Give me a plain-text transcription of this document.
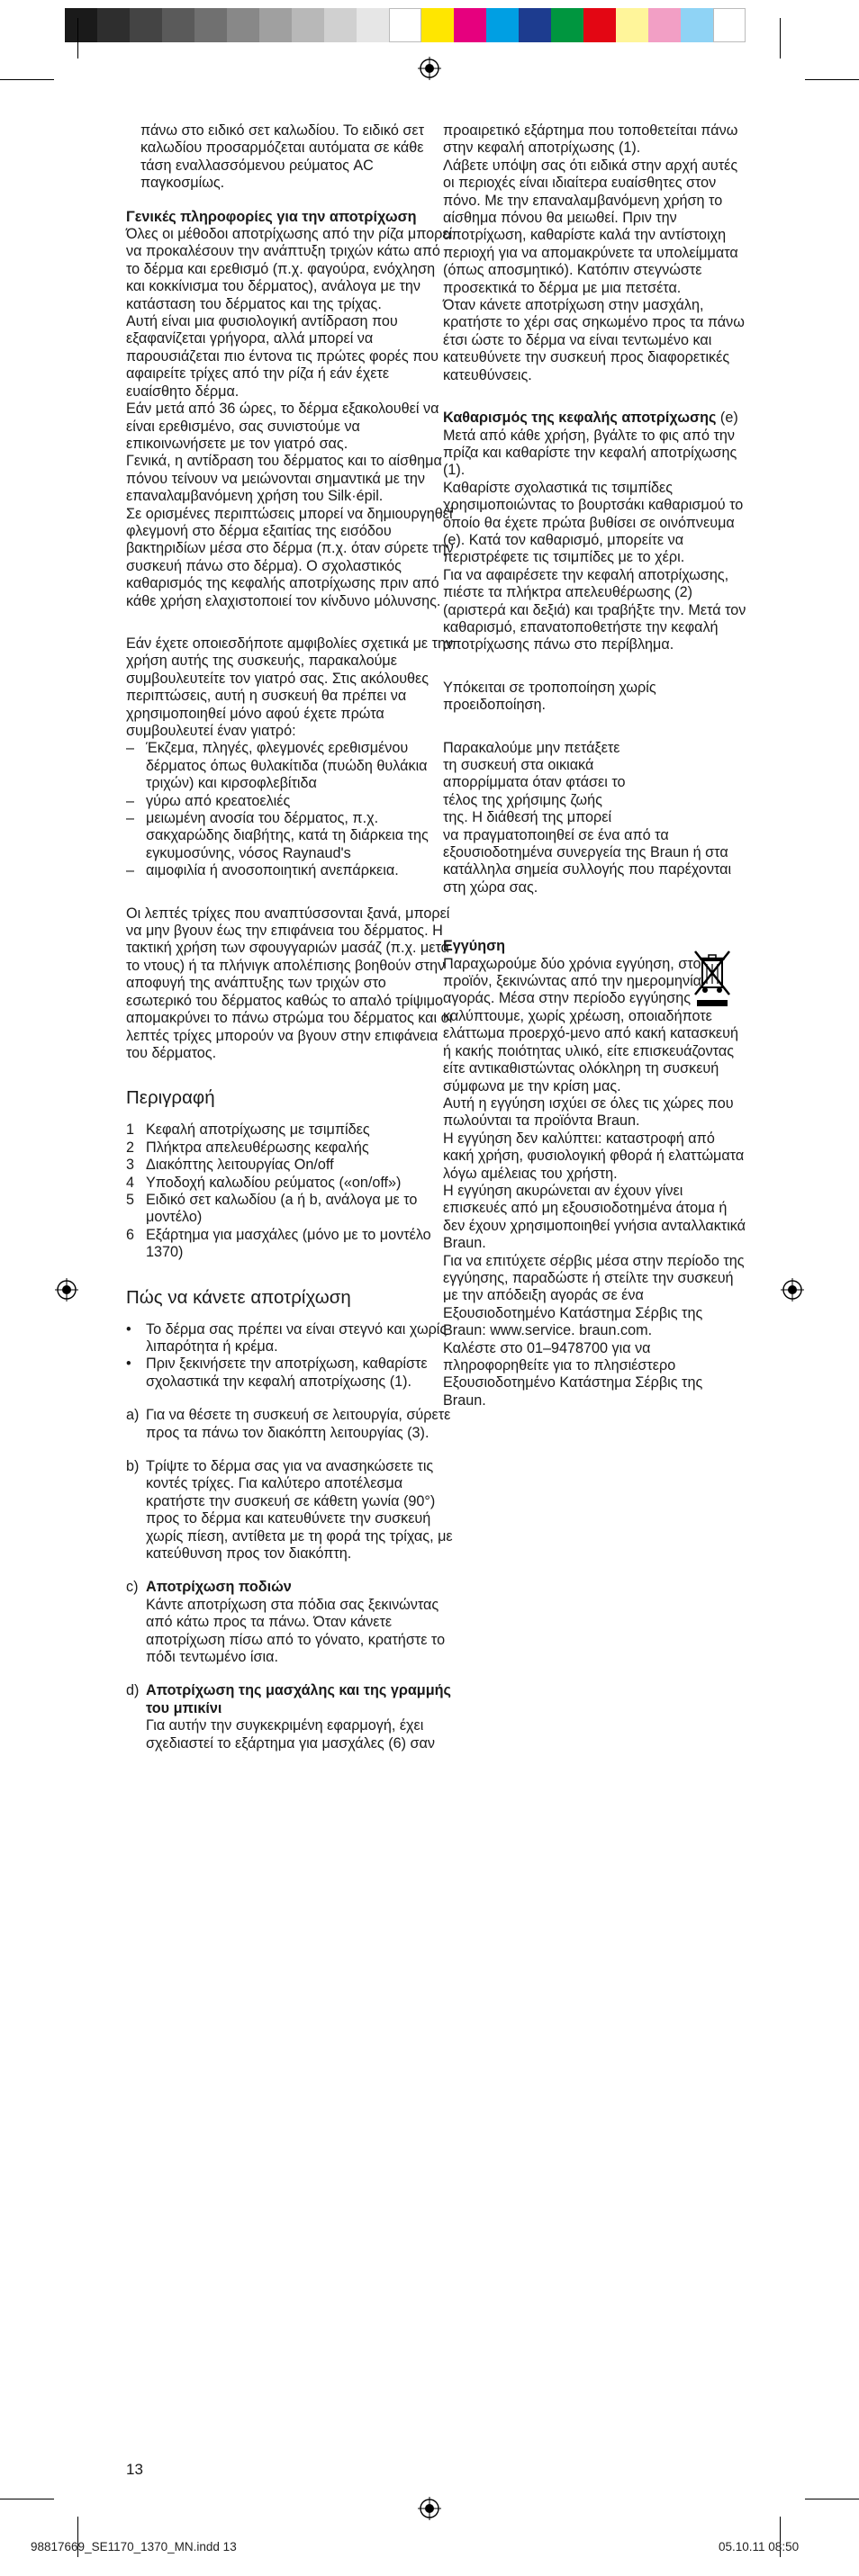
πάνω στο ειδικό σετ καλωδίου. Το ειδικό σετ καλωδίου προσαρμόζεται αυτόματα σε κάθε τάση εναλλασσόμενου ρεύματος AC παγκοσμίως.

Γενικές πληροφορίες για την αποτρίχωση

Όλες οι μέθοδοι αποτρίχωσης από την ρίζα μπορεί να προκαλέσουν την ανάπτυξη τριχών κάτω από το δέρμα και ερεθισμό (π.χ. φαγούρα, ενόχληση και κοκκίνισμα του δέρματος), ανάλογα με την κατάσταση του δέρματος και της τρίχας.

Αυτή είναι μια φυσιολογική αντίδραση που εξαφανίζεται γρήγορα, αλλά μπορεί να παρουσιάζεται πιο έντονα τις πρώτες φορές που αφαιρείτε τρίχες από την ρίζα ή εάν έχετε ευαίσθητο δέρμα.

Εάν μετά από 36 ώρες, το δέρμα εξακολουθεί να είναι ερεθισμένο, σας συνιστούμε να επικοινωνήσετε με τον γιατρό σας.

Γενικά, η αντίδραση του δέρματος και το αίσθημα πόνου τείνουν να μειώνονται σημαντικά με την επαναλαμβανόμενη χρήση του Silk·épil.

Σε ορισμένες περιπτώσεις μπορεί να δημιουργηθεί φλεγμονή στο δέρμα εξαιτίας της εισόδου βακτηριδίων μέσα στο δέρμα (π.χ. όταν σύρετε την συσκευή πάνω στο δέρμα). Ο σχολαστικός καθαρισμός της κεφαλής αποτρίχωσης πριν από κάθε χρήση ελαχιστοποιεί τον κίνδυνο μόλυνσης.

Εάν έχετε οποιεσδήποτε αμφιβολίες σχετικά με την χρήση αυτής της συσκευής, παρακαλούμε συμβουλευτείτε τον γιατρό σας. Στις ακόλουθες περιπτώσεις, αυτή η συσκευή θα πρέπει να χρησιμοποιηθεί μόνο αφού έχετε πρώτα συμβουλευτεί έναν γιατρό:

– Έκζεμα, πληγές, φλεγμονές ερεθισμένου δέρματος όπως θυλακίτιδα (πυώδη θυλάκια τριχών) και κιρσοφλεβίτιδα
– γύρω από κρεατοελιές
– μειωμένη ανοσία του δέρματος, π.χ. σακχαρώδης διαβήτης, κατά τη διάρκεια της εγκυμοσύνης, νόσος Raynaud's
– αιμοφιλία ή ανοσοποιητική ανεπάρκεια.

Οι λεπτές τρίχες που αναπτύσσονται ξανά, μπορεί να μην βγουν έως την επιφάνεια του δέρματος. Η τακτική χρήση των σφουγγαριών μασάζ (π.χ. μετά το ντους) ή τα πλήνιγκ απολέπισης βοηθούν στην αποφυγή της ανάπτυξης των τριχών στο εσωτερικό του δέρματος καθώς το απαλό τρίψιμο απομακρύνει το πάνω στρώμα του δέρματος και οι λεπτές τρίχες μπορούν να βγουν στην επιφάνεια του δέρματος.

Περιγραφή
1 Κεφαλή αποτρίχωσης με τσιμπίδες
2 Πλήκτρα απελευθέρωσης κεφαλής
3 Διακόπτης λειτουργίας On/off
4 Υποδοχή καλωδίου ρεύματος («on/off»)
5 Ειδικό σετ καλωδίου (a ή b, ανάλογα με το μοντέλο)
6 Εξάρτημα για μασχάλες (μόνο με το μοντέλο 1370)
Πώς να κάνετε αποτρίχωση
• Το δέρμα σας πρέπει να είναι στεγνό και χωρίς λιπαρότητα ή κρέμα.
• Πριν ξεκινήσετε την αποτρίχωση, καθαρίστε σχολαστικά την κεφαλή αποτρίχωσης (1).
a) Για να θέσετε τη συσκευή σε λειτουργία, σύρετε προς τα πάνω τον διακόπτη λειτουργίας (3).
b) Τρίψτε το δέρμα σας για να ανασηκώσετε τις κοντές τρίχες. Για καλύτερο αποτέλεσμα κρατήστε την συσκευή σε κάθετη γωνία (90°) προς το δέρμα και κατευθύνετε την συσκευή χωρίς πίεση, αντίθετα με τη φορά της τρίχας, με κατεύθυνση προς τον διακόπτη.
c) Αποτρίχωση ποδιών
Κάντε αποτρίχωση στα πόδια σας ξεκινώντας από κάτω προς τα πάνω. Όταν κάνετε αποτρίχωση πίσω από το γόνατο, κρατήστε το πόδι τεντωμένο ίσια.
d) Αποτρίχωση της μασχάλης και της γραμμής του μπικίνι
Για αυτήν την συγκεκριμένη εφαρμογή, έχει σχεδιαστεί το εξάρτημα για μασχάλες (6) σαν

προαιρετικό εξάρτημα που τοποθετείται πάνω στην κεφαλή αποτρίχωσης (1).

Λάβετε υπόψη σας ότι ειδικά στην αρχή αυτές οι περιοχές είναι ιδιαίτερα ευαίσθητες στον πόνο. Με την επαναλαμβανόμενη χρήση το αίσθημα πόνου θα μειωθεί. Πριν την αποτρίχωση, καθαρίστε καλά την αντίστοιχη περιοχή για να απομακρύνετε τα υπολείμματα (όπως αποσμητικό). Κατόπιν στεγνώστε προσεκτικά το δέρμα με μια πετσέτα.

Όταν κάνετε αποτρίχωση στην μασχάλη, κρατήστε το χέρι σας σηκωμένο προς τα πάνω έτσι ώστε το δέρμα να είναι τεντωμένο και κατευθύνετε την συσκευή προς διαφορετικές κατευθύνσεις.

Καθαρισμός της κεφαλής αποτρίχωσης (e)

Μετά από κάθε χρήση, βγάλτε το φις από την πρίζα και καθαρίστε την κεφαλή αποτρίχωσης (1).

Καθαρίστε σχολαστικά τις τσιμπίδες χρησιμοποιώντας το βουρτσάκι καθαρισμού το οποίο θα έχετε πρώτα βυθίσει σε οινόπνευμα (e). Κατά τον καθαρισμό, μπορείτε να περιστρέφετε τις τσιμπίδες με το χέρι.

Για να αφαιρέσετε την κεφαλή αποτρίχωσης, πιέστε τα πλήκτρα απελευθέρωσης (2) (αριστερά και δεξιά) και τραβήξτε την. Μετά τον καθαρισμό, επανατοποθετήστε την κεφαλή αποτρίχωσης πάνω στο περίβλημα.

Υπόκειται σε τροποποίηση χωρίς προειδοποίηση.

Παρακαλούμε μην πετάξετε

τη συσκευή στα οικιακά

απορρίμματα όταν φτάσει το

τέλος της χρήσιμης ζωής

της. Η διάθεσή της μπορεί

να πραγματοποιηθεί σε ένα από τα εξουσιοδοτημένα συνεργεία της Braun ή στα κατάλληλα σημεία συλλογής που παρέχονται στη χώρα σας.

Εγγύηση

Παραχωρούμε δύο χρόνια εγγύηση, στο προϊόν, ξεκινώντας από την ημερομηνία αγοράς. Μέσα στην περίοδο εγγύησης καλύπτουμε, χωρίς χρέωση, οποιαδήποτε ελάττωμα προερχό-μενο από κακή κατασκευή ή κακής ποιότητας υλικό, είτε επισκευάζοντας είτε αντικαθιστώντας ολόκληρη τη συσκευή σύμφωνα με την κρίση μας.

Αυτή η εγγύηση ισχύει σε όλες τις χώρες που πωλούνται τα προϊόντα Braun.

Η εγγύηση δεν καλύπτει: καταστροφή από κακή χρήση, φυσιολογική φθορά ή ελαττώματα λόγω αμέλειας του χρήστη.

Η εγγύηση ακυρώνεται αν έχουν γίνει επισκευές από μη εξουσιοδοτημένα άτομα ή δεν έχουν χρησιμοποιηθεί γνήσια ανταλλακτικά Braun.

Για να επιτύχετε σέρβις μέσα στην περίοδο της εγγύησης, παραδώστε ή στείλτε την συσκευή με την απόδειξη αγοράς σε ένα Εξουσιοδοτημένο Κατάστημα Σέρβις της Braun: www.service. braun.com.

Καλέστε στο 01–9478700 για να πληροφορηθείτε για το πλησιέστερο Εξουσιοδοτημένο Κατάστημα Σέρβις της Braun.

13
98817669_SE1170_1370_MN.indd 13	05.10.11 08:50
